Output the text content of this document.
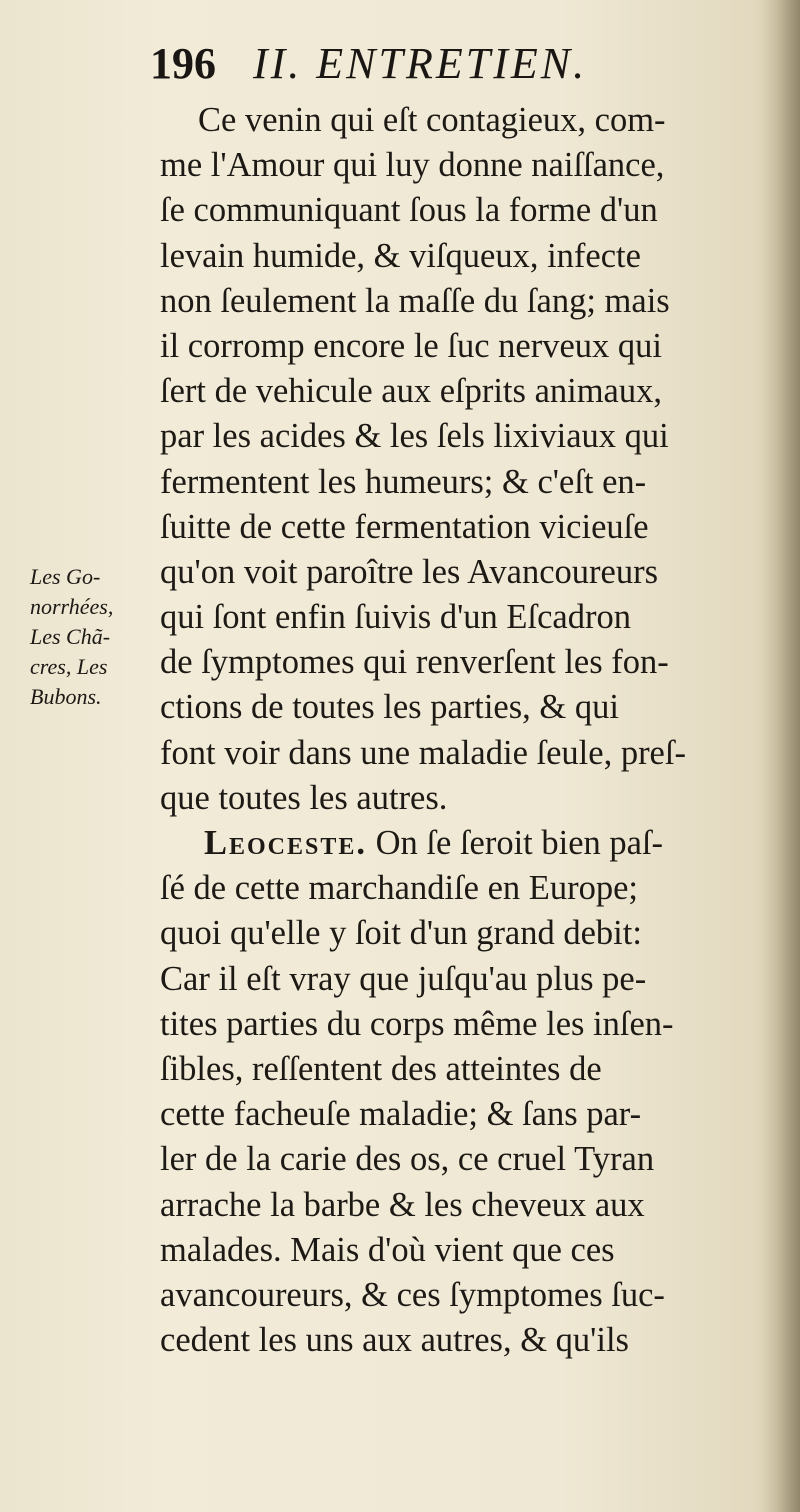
196 II. ENTRETIEN.
Les Go-
norrhées,
Les Chã-
cres, Les
Bubons.
Ce venin qui eſt contagieux, com-
me l'Amour qui luy donne naiſſance,
ſe communiquant ſous la forme d'un
levain humide, & viſqueux, infecte
non ſeulement la maſſe du ſang; mais
il corromp encore le ſuc nerveux qui
ſert de vehicule aux eſprits animaux,
par les acides & les ſels lixiviaux qui
fermentent les humeurs; & c'eſt en-
ſuitte de cette fermentation vicieuſe
qu'on voit paroître les Avancoureurs
qui ſont enfin ſuivis d'un Eſcadron
de ſymptomes qui renverſent les fon-
ctions de toutes les parties, & qui
font voir dans une maladie ſeule, preſ-
que toutes les autres.
Leoceste. On ſe ſeroit bien paſ-
ſé de cette marchandiſe en Europe;
quoi qu'elle y ſoit d'un grand debit:
Car il eſt vray que juſqu'au plus pe-
tites parties du corps même les inſen-
ſibles, reſſentent des atteintes de
cette facheuſe maladie; & ſans par-
ler de la carie des os, ce cruel Tyran
arrache la barbe & les cheveux aux
malades. Mais d'où vient que ces
avancoureurs, & ces ſymptomes ſuc-
cedent les uns aux autres, & qu'ils
